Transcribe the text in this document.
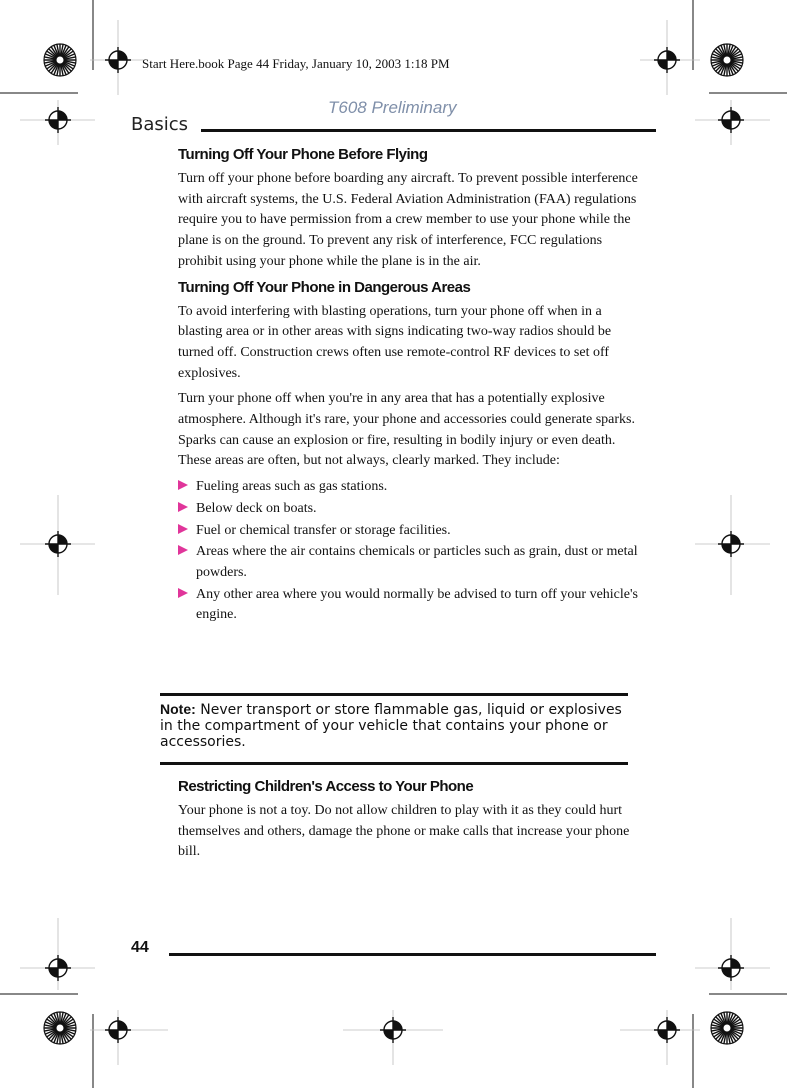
Start Here.book Page 44 Friday, January 10, 2003 1:18 PM
T608 Preliminary
Basics
Turning Off Your Phone Before Flying

Turn off your phone before boarding any aircraft. To prevent possible interference with aircraft systems, the U.S. Federal Aviation Administration (FAA) regulations require you to have permission from a crew member to use your phone while the plane is on the ground. To prevent any risk of interference, FCC regulations prohibit using your phone while the plane is in the air.

Turning Off Your Phone in Dangerous Areas

To avoid interfering with blasting operations, turn your phone off when in a blasting area or in other areas with signs indicating two-way radios should be turned off. Construction crews often use remote-control RF devices to set off explosives.

Turn your phone off when you're in any area that has a potentially explosive atmosphere. Although it's rare, your phone and accessories could generate sparks. Sparks can cause an explosion or fire, resulting in bodily injury or even death. These areas are often, but not always, clearly marked. They include:

Fueling areas such as gas stations.
Below deck on boats.
Fuel or chemical transfer or storage facilities.
Areas where the air contains chemicals or particles such as grain, dust or metal powders.
Any other area where you would normally be advised to turn off your vehicle's engine.
Note: Never transport or store flammable gas, liquid or explosives in the compartment of your vehicle that contains your phone or accessories.
Restricting Children's Access to Your Phone

Your phone is not a toy. Do not allow children to play with it as they could hurt themselves and others, damage the phone or make calls that increase your phone bill.

44
